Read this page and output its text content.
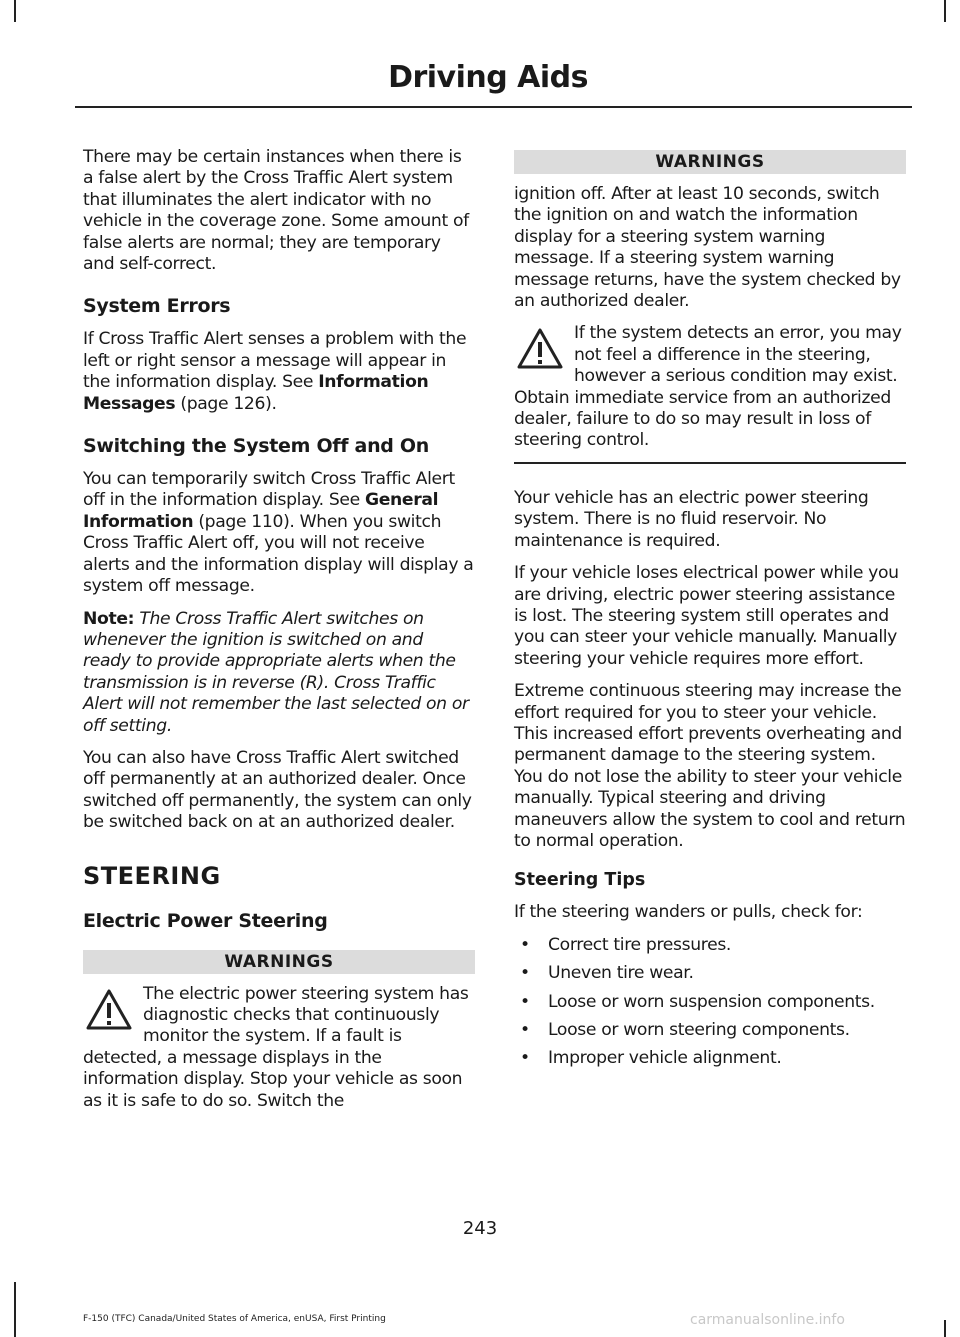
Driving Aids

There may be certain instances when there is a false alert by the Cross Traffic Alert system that illuminates the alert indicator with no vehicle in the coverage zone. Some amount of false alerts are normal; they are temporary and self-correct.

System Errors

If Cross Traffic Alert senses a problem with the left or right sensor a message will appear in the information display. See Information Messages (page 126).

Switching the System Off and On

You can temporarily switch Cross Traffic Alert off in the information display. See General Information (page 110). When you switch Cross Traffic Alert off, you will not receive alerts and the information display will display a system off message.

Note: The Cross Traffic Alert switches on whenever the ignition is switched on and ready to provide appropriate alerts when the transmission is in reverse (R). Cross Traffic Alert will not remember the last selected on or off setting.

You can also have Cross Traffic Alert switched off permanently at an authorized dealer. Once switched off permanently, the system can only be switched back on at an authorized dealer.

STEERING
Electric Power Steering
WARNINGS

The electric power steering system has diagnostic checks that continuously monitor the system. If a fault is detected, a message displays in the information display. Stop your vehicle as soon as it is safe to do so. Switch the

WARNINGS

ignition off. After at least 10 seconds, switch the ignition on and watch the information display for a steering system warning message. If a steering system warning message returns, have the system checked by an authorized dealer.

If the system detects an error, you may not feel a difference in the steering, however a serious condition may exist. Obtain immediate service from an authorized dealer, failure to do so may result in loss of steering control.

Your vehicle has an electric power steering system. There is no fluid reservoir. No maintenance is required.

If your vehicle loses electrical power while you are driving, electric power steering assistance is lost. The steering system still operates and you can steer your vehicle manually. Manually steering your vehicle requires more effort.

Extreme continuous steering may increase the effort required for you to steer your vehicle. This increased effort prevents overheating and permanent damage to the steering system. You do not lose the ability to steer your vehicle manually. Typical steering and driving maneuvers allow the system to cool and return to normal operation.

Steering Tips

If the steering wanders or pulls, check for:

• Correct tire pressures.
• Uneven tire wear.
• Loose or worn suspension components.
• Loose or worn steering components.
• Improper vehicle alignment.
243
F-150 (TFC) Canada/United States of America, enUSA, First Printing	carmanualsonline.info
